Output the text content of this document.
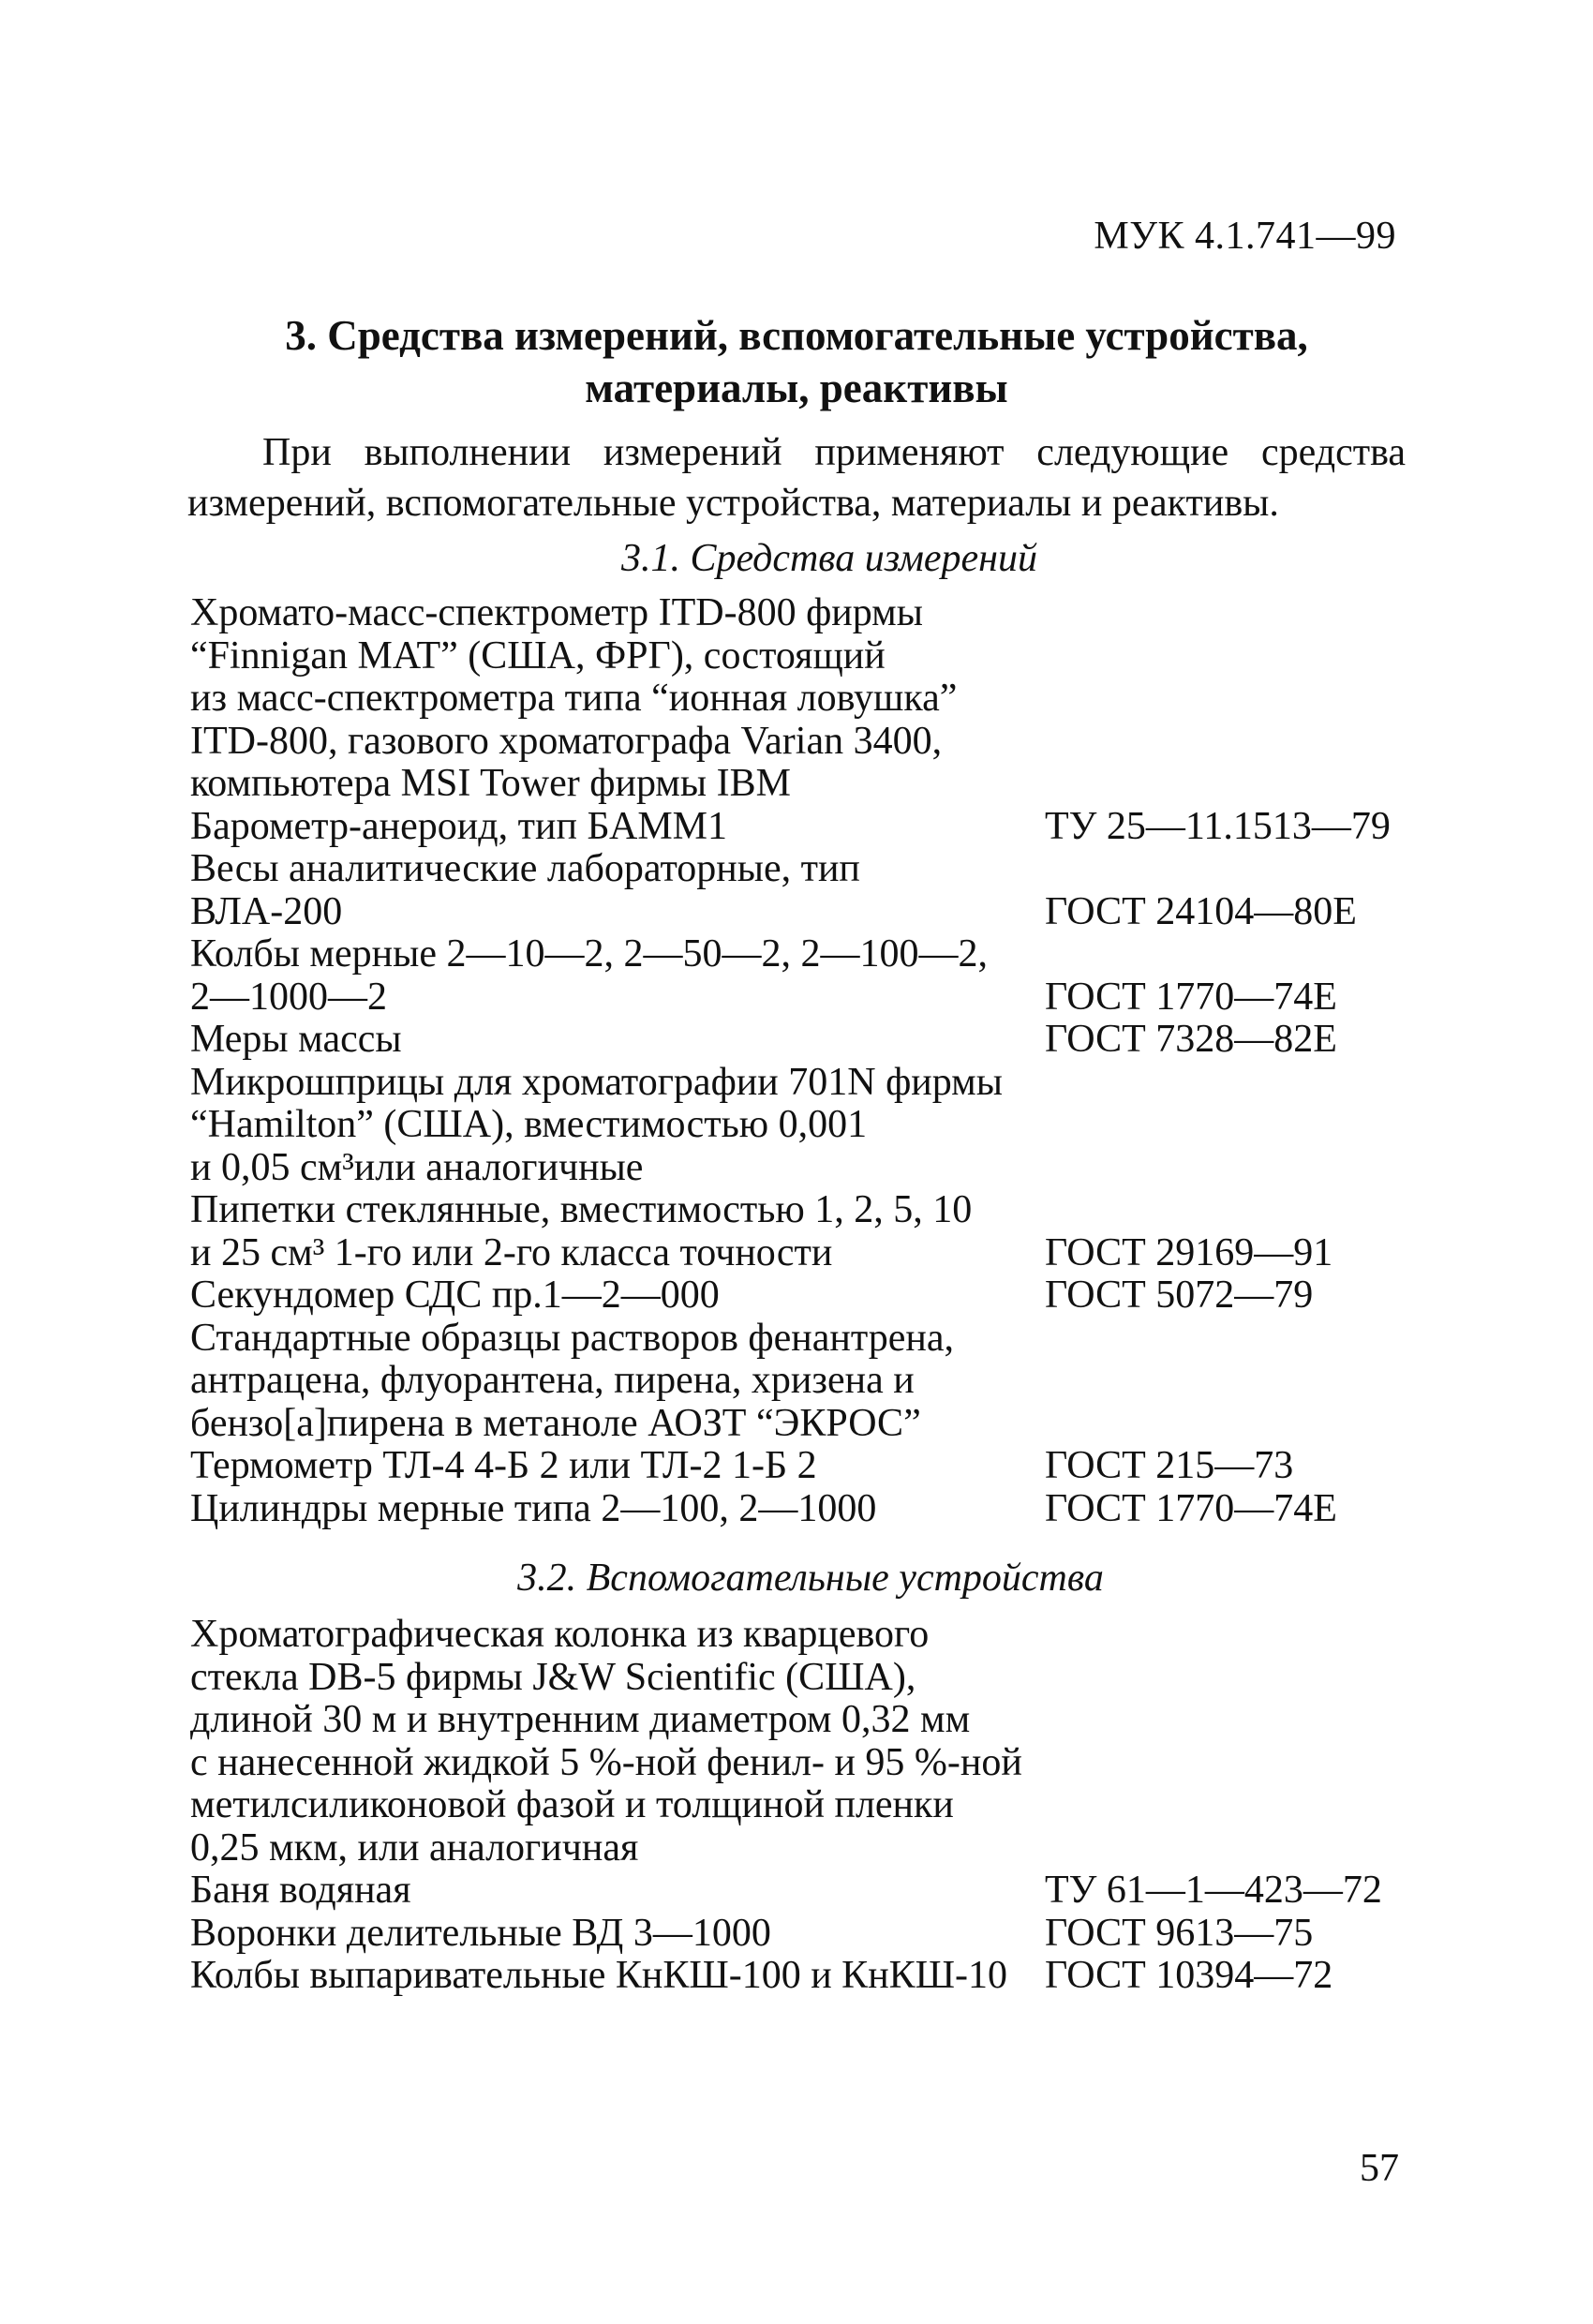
МУК 4.1.741—99
3. Средства измерений, вспомогательные устройства,
материалы, реактивы
При выполнении измерений применяют следующие средства
измерений, вспомогательные устройства, материалы и реактивы.
3.1. Средства измерений
Хромато-масс-спектрометр ITD-800 фирмы
“Finnigan MAT” (США, ФРГ), состоящий
из масс-спектрометра типа “ионная ловушка”
ITD-800, газового хроматографа Varian 3400,
компьютера MSI Tower фирмы IBM
Барометр-анероид, тип БАММ1	ТУ 25—11.1513—79
Весы аналитические лабораторные, тип
ВЛА-200	ГОСТ 24104—80Е
Колбы мерные 2—10—2, 2—50—2, 2—100—2,
2—1000—2	ГОСТ 1770—74Е
Меры массы	ГОСТ 7328—82Е
Микрошприцы для хроматографии 701N фирмы
“Hamilton” (США), вместимостью 0,001
и 0,05 см³или аналогичные
Пипетки стеклянные, вместимостью 1, 2, 5, 10
и 25 см³ 1-го или 2-го класса точности	ГОСТ 29169—91
Секундомер СДС пр.1—2—000	ГОСТ 5072—79
Стандартные образцы растворов фенантрена,
антрацена, флуорантена, пирена, хризена и
бензо[а]пирена в метаноле АОЗТ “ЭКРОС”
Термометр ТЛ-4 4-Б 2 или ТЛ-2 1-Б 2	ГОСТ 215—73
Цилиндры мерные типа 2—100, 2—1000	ГОСТ 1770—74Е
3.2. Вспомогательные устройства
Хроматографическая колонка из кварцевого
стекла DB-5 фирмы J&W Scientific (США),
длиной 30 м и внутренним диаметром 0,32 мм
с нанесенной жидкой 5 %-ной фенил- и 95 %-ной
метилсиликоновой фазой и толщиной пленки
0,25 мкм, или аналогичная
Баня водяная	ТУ 61—1—423—72
Воронки делительные ВД 3—1000	ГОСТ 9613—75
Колбы выпаривательные КнКШ-100 и КнКШ-10 ГОСТ 10394—72
57
